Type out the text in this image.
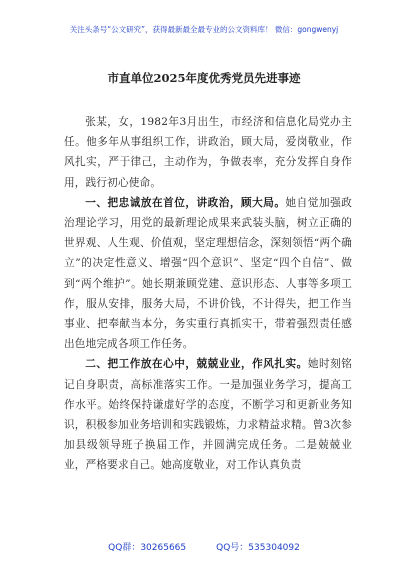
关注头条号“公文研究”，获得最新最全最专业的公文资料库！ 微信：gongwenyj
市直单位2025年度优秀党员先进事迹

张某，女，1982年3月出生，市经济和信息化局党办主任。他多年从事组织工作，讲政治，顾大局，爱岗敬业，作风扎实，严于律己，主动作为，争做表率，充分发挥自身作用，践行初心使命。

一、把忠诚放在首位，讲政治，顾大局。她自觉加强政治理论学习，用党的最新理论成果来武装头脑，树立正确的世界观、人生观、价值观，坚定理想信念，深刻领悟“两个确立”的决定性意义、增强“四个意识”、坚定“四个自信”、做到“两个维护”。她长期兼顾党建、意识形态、人事等多项工作，服从安排，服务大局，不讲价钱，不计得失，把工作当事业、把奉献当本分，务实重行真抓实干，带着强烈责任感出色地完成各项工作任务。

二、把工作放在心中，兢兢业业，作风扎实。她时刻铭记自身职责，高标准落实工作。一是加强业务学习，提高工作水平。始终保持谦虚好学的态度，不断学习和更新业务知识，积极参加业务培训和实践锻炼，力求精益求精。曾3次参加县级领导班子换届工作，并圆满完成任务。二是兢兢业业，严格要求自己。她高度敬业，对工作认真负责

QQ群：30265665	QQ号：535304092
